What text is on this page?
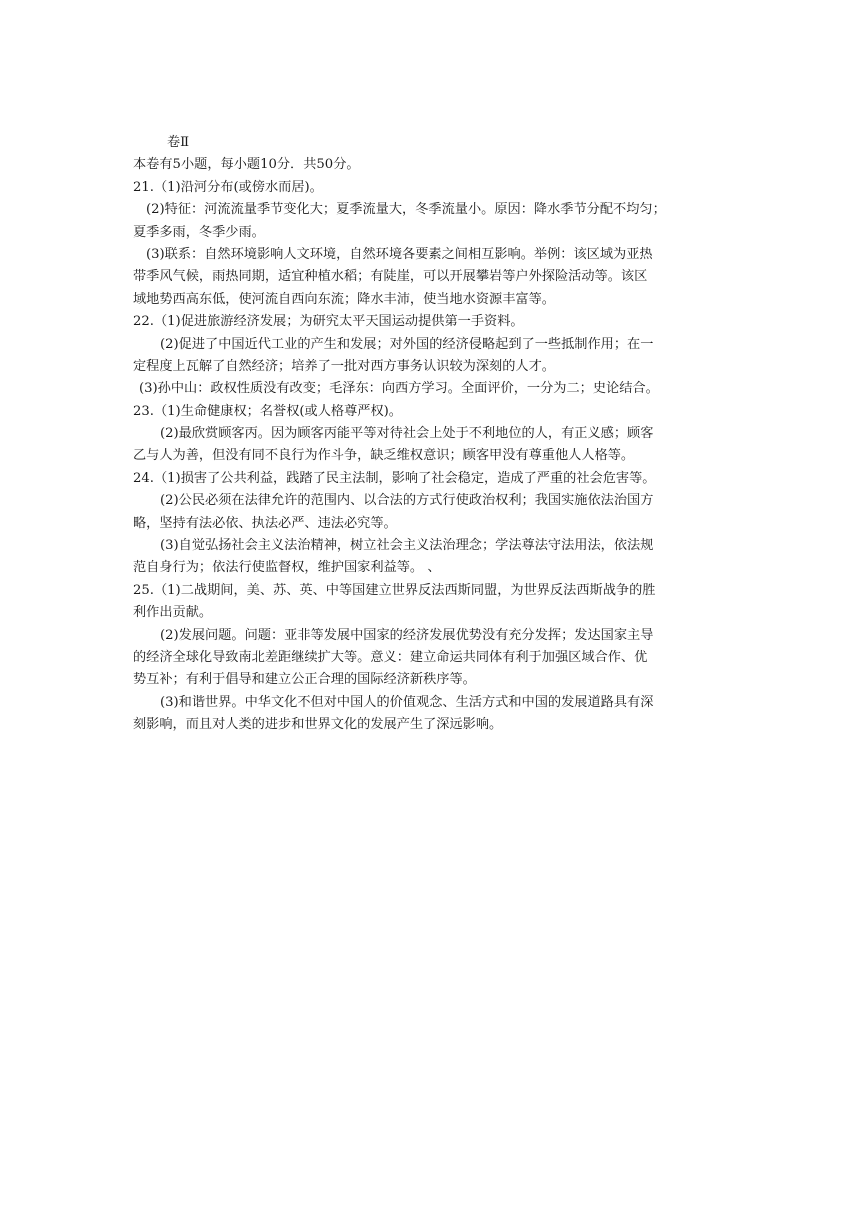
卷Ⅱ
本卷有5小题，每小题10分．共50分。
21.（1)沿河分布(或傍水而居)。
(2)特征：河流流量季节变化大；夏季流量大，冬季流量小。原因：降水季节分配不均匀；
夏季多雨，冬季少雨。
(3)联系：自然环境影响人文环境，自然环境各要素之间相互影响。举例：该区域为亚热
带季风气候，雨热同期，适宜种植水稻；有陡崖，可以开展攀岩等户外探险活动等。该区
域地势西高东低，使河流自西向东流；降水丰沛，使当地水资源丰富等。
22.（1)促进旅游经济发展；为研究太平天国运动提供第一手资料。
(2)促进了中国近代工业的产生和发展；对外国的经济侵略起到了一些抵制作用；在一
定程度上瓦解了自然经济；培养了一批对西方事务认识较为深刻的人才。
(3)孙中山：政权性质没有改变；毛泽东：向西方学习。全面评价，一分为二；史论结合。
23.（1)生命健康权；名誉权(或人格尊严权)。
(2)最欣赏顾客丙。因为顾客丙能平等对待社会上处于不利地位的人，有正义感；顾客
乙与人为善，但没有同不良行为作斗争，缺乏维权意识；顾客甲没有尊重他人人格等。
24.（1)损害了公共利益，践踏了民主法制，影响了社会稳定，造成了严重的社会危害等。
(2)公民必须在法律允许的范围内、以合法的方式行使政治权利；我国实施依法治国方
略，坚持有法必依、执法必严、违法必究等。
(3)自觉弘扬社会主义法治精神，树立社会主义法治理念；学法尊法守法用法，依法规
范自身行为；依法行使监督权，维护国家利益等。 、
25.（1)二战期间，美、苏、英、中等国建立世界反法西斯同盟，为世界反法西斯战争的胜
利作出贡献。
(2)发展问题。问题：亚非等发展中国家的经济发展优势没有充分发挥；发达国家主导
的经济全球化导致南北差距继续扩大等。意义：建立命运共同体有利于加强区域合作、优
势互补；有利于倡导和建立公正合理的国际经济新秩序等。
(3)和谐世界。中华文化不但对中国人的价值观念、生活方式和中国的发展道路具有深
刻影响，而且对人类的进步和世界文化的发展产生了深远影响。
